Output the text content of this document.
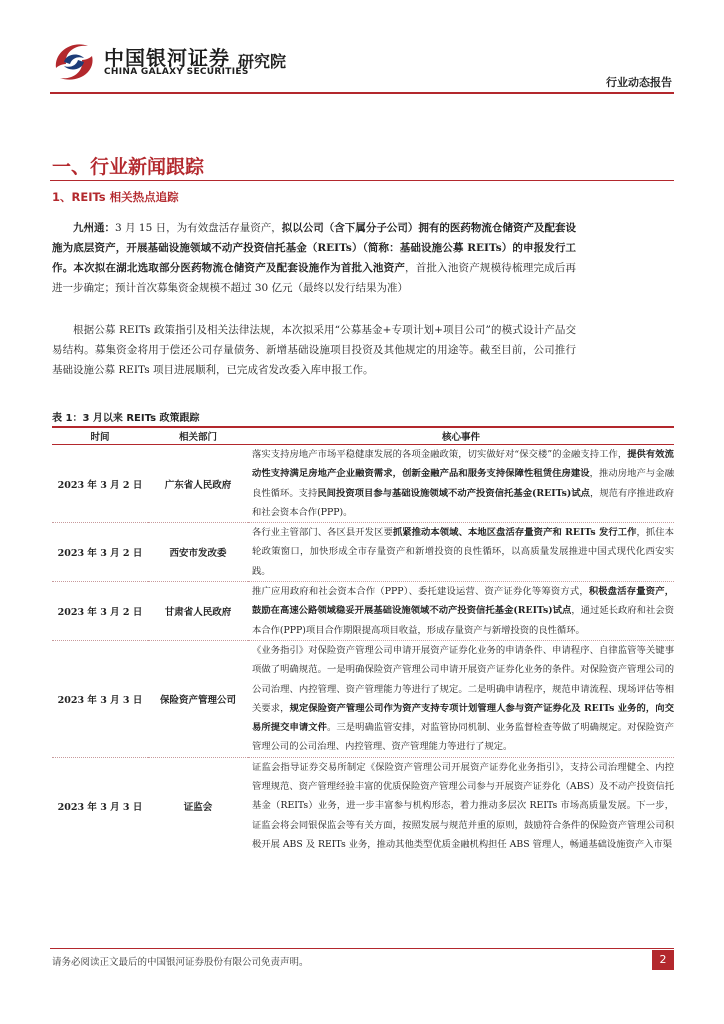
中国银河证券
CHINA GALAXY SECURITIES
研究院
行业动态报告
一、行业新闻跟踪
1、REITs 相关热点追踪

九州通：3 月 15 日，为有效盘活存量资产，拟以公司（含下属分子公司）拥有的医药物流仓储资产及配套设施为底层资产，开展基础设施领域不动产投资信托基金（REITs）（简称：基础设施公募 REITs）的申报发行工作。本次拟在湖北选取部分医药物流仓储资产及配套设施作为首批入池资产，首批入池资产规模待梳理完成后再进一步确定；预计首次募集资金规模不超过 30 亿元（最终以发行结果为准）

根据公募 REITs 政策指引及相关法律法规，本次拟采用“公募基金+专项计划+项目公司”的模式设计产品交易结构。募集资金将用于偿还公司存量债务、新增基础设施项目投资及其他规定的用途等。截至目前，公司推行基础设施公募 REITs 项目进展顺利，已完成省发改委入库申报工作。

表 1：3 月以来 REITs 政策跟踪
时间	相关部门	核心事件
2023 年 3 月 2 日	广东省人民政府	落实支持房地产市场平稳健康发展的各项金融政策，切实做好对“保交楼”的金融支持工作，提供有效流动性支持满足房地产企业融资需求，创新金融产品和服务支持保障性租赁住房建设，推动房地产与金融良性循环。支持民间投资项目参与基础设施领域不动产投资信托基金(REITs)试点，规范有序推进政府和社会资本合作(PPP)。
2023 年 3 月 2 日	西安市发改委	各行业主管部门、各区县开发区要抓紧推动本领域、本地区盘活存量资产和 REITs 发行工作，抓住本轮政策窗口，加快形成全市存量资产和新增投资的良性循环，以高质量发展推进中国式现代化西安实践。
2023 年 3 月 2 日	甘肃省人民政府	推广应用政府和社会资本合作（PPP）、委托建设运营、资产证券化等筹资方式，积极盘活存量资产，鼓励在高速公路领域稳妥开展基础设施领域不动产投资信托基金(REITs)试点，通过延长政府和社会资本合作(PPP)项目合作期限提高项目收益，形成存量资产与新增投资的良性循环。
2023 年 3 月 3 日	保险资产管理公司	《业务指引》对保险资产管理公司申请开展资产证券化业务的申请条件、申请程序、自律监管等关键事项做了明确规范。一是明确保险资产管理公司申请开展资产证券化业务的条件。对保险资产管理公司的公司治理、内控管理、资产管理能力等进行了规定。二是明确申请程序，规范申请流程、现场评估等相关要求，规定保险资产管理公司作为资产支持专项计划管理人参与资产证券化及 REITs 业务的，向交易所提交申请文件。三是明确监管安排，对监管协同机制、业务监督检查等做了明确规定。对保险资产管理公司的公司治理、内控管理、资产管理能力等进行了规定。
2023 年 3 月 3 日	证监会	证监会指导证券交易所制定《保险资产管理公司开展资产证券化业务指引》，支持公司治理健全、内控管理规范、资产管理经验丰富的优质保险资产管理公司参与开展资产证券化（ABS）及不动产投资信托基金（REITs）业务，进一步丰富参与机构形态，着力推动多层次 REITs 市场高质量发展。下一步，证监会将会同银保监会等有关方面，按照发展与规范并重的原则，鼓励符合条件的保险资产管理公司积极开展 ABS 及 REITs 业务，推动其他类型优质金融机构担任 ABS 管理人，畅通基础设施资产入市渠
请务必阅读正文最后的中国银河证券股份有限公司免责声明。	2
